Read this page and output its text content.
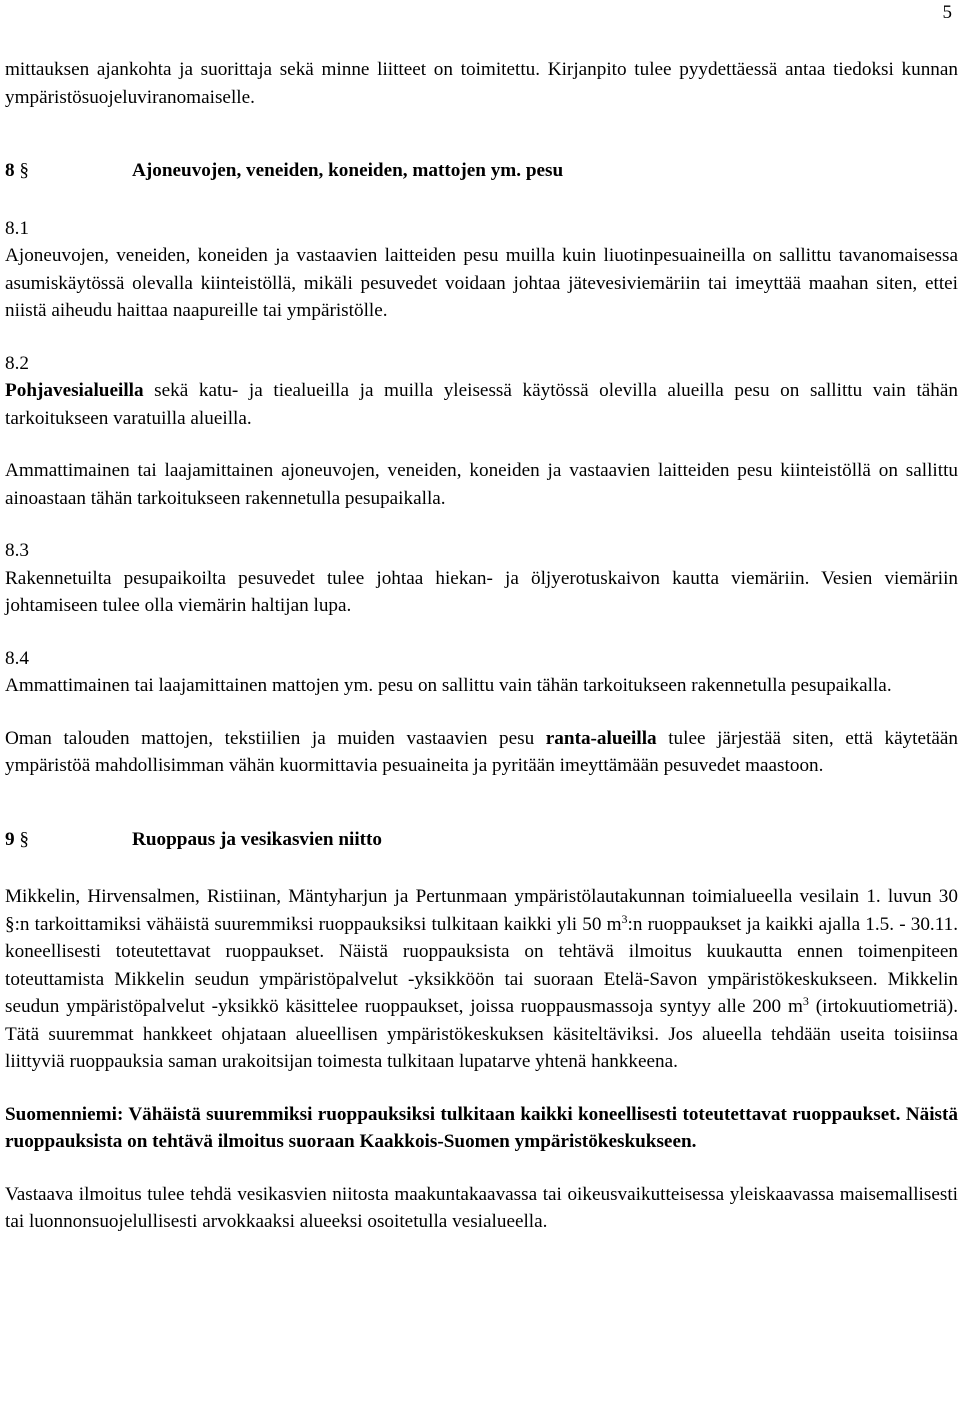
5

mittauksen ajankohta ja suorittaja sekä minne liitteet on toimitettu. Kirjanpito tulee pyydettäessä antaa tiedoksi kunnan ympäristösuojeluviranomaiselle.

8 §	Ajoneuvojen, veneiden, koneiden, mattojen ym. pesu
8.1

Ajoneuvojen, veneiden, koneiden ja vastaavien laitteiden pesu muilla kuin liuotinpesuaineilla on sallittu tavanomaisessa asumiskäytössä olevalla kiinteistöllä, mikäli pesuvedet voidaan johtaa jätevesiviemäriin tai imeyttää maahan siten, ettei niistä aiheudu haittaa naapureille tai ympäristölle.

8.2

Pohjavesialueilla sekä katu- ja tiealueilla ja muilla yleisessä käytössä olevilla alueilla pesu on sallittu vain tähän tarkoitukseen varatuilla alueilla.

Ammattimainen tai laajamittainen ajoneuvojen, veneiden, koneiden ja vastaavien laitteiden pesu kiinteistöllä on sallittu ainoastaan tähän tarkoitukseen rakennetulla pesupaikalla.

8.3

Rakennetuilta pesupaikoilta pesuvedet tulee johtaa hiekan- ja öljyerotuskaivon kautta viemäriin. Vesien viemäriin johtamiseen tulee olla viemärin haltijan lupa.

8.4

Ammattimainen tai laajamittainen mattojen ym. pesu on sallittu vain tähän tarkoitukseen rakennetulla pesupaikalla.

Oman talouden mattojen, tekstiilien ja muiden vastaavien pesu ranta-alueilla tulee järjestää siten, että käytetään ympäristöä mahdollisimman vähän kuormittavia pesuaineita ja pyritään imeyttämään pesuvedet maastoon.

9 §	Ruoppaus ja vesikasvien niitto

Mikkelin, Hirvensalmen, Ristiinan, Mäntyharjun ja Pertunmaan ympäristölautakunnan toimialueella vesilain 1. luvun 30 §:n tarkoittamiksi vähäistä suuremmiksi ruoppauksiksi tulkitaan kaikki yli 50 $m^3:n$ ruoppaukset ja kaikki ajalla 1.5. - 30.11. koneellisesti toteutettavat ruoppaukset. Näistä ruoppauksista on tehtävä ilmoitus kuukautta ennen toimenpiteen toteuttamista Mikkelin seudun ympäristöpalvelut -yksikköön tai suoraan Etelä-Savon ympäristökeskukseen. Mikkelin seudun ympäristöpalvelut -yksikkö käsittelee ruoppaukset, joissa ruoppausmassoja syntyy alle 200 $m^3$ (irtokuutiometriä). Tätä suuremmat hankkeet ohjataan alueellisen ympäristökeskuksen käsiteltäviksi. Jos alueella tehdään useita toisiinsa liittyviä ruoppauksia saman urakoitsijan toimesta tulkitaan lupatarve yhtenä hankkeena.

Suomenniemi: Vähäistä suuremmiksi ruoppauksiksi tulkitaan kaikki koneellisesti toteutettavat ruoppaukset. Näistä ruoppauksista on tehtävä ilmoitus suoraan Kaakkois-Suomen ympäristökeskukseen.

Vastaava ilmoitus tulee tehdä vesikasvien niitosta maakuntakaavassa tai oikeusvaikutteisessa yleiskaavassa maisemallisesti tai luonnonsuojelullisesti arvokkaaksi alueeksi osoitetulla vesialueella.
